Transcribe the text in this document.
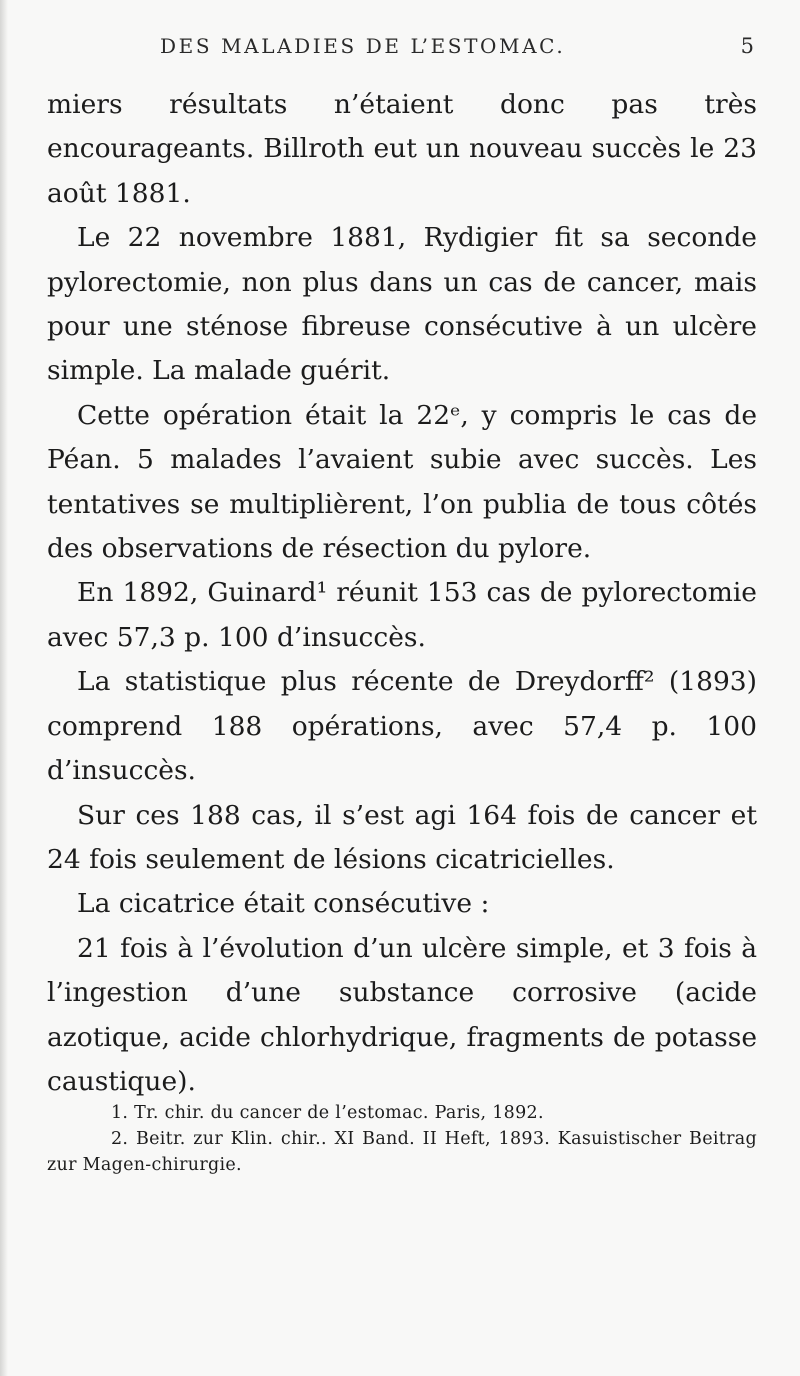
DES MALADIES DE L’ESTOMAC.	5

miers résultats n’étaient donc pas très encourageants. Billroth eut un nouveau succès le 23 août 1881.

Le 22 novembre 1881, Rydigier fit sa seconde pylorectomie, non plus dans un cas de cancer, mais pour une sténose fibreuse consécutive à un ulcère simple. La malade guérit.

Cette opération était la 22ᵉ, y compris le cas de Péan. 5 malades l’avaient subie avec succès. Les tentatives se multiplièrent, l’on publia de tous côtés des observations de résection du pylore.

En 1892, Guinard¹ réunit 153 cas de pylorectomie avec 57,3 p. 100 d’insuccès.

La statistique plus récente de Dreydorff² (1893) comprend 188 opérations, avec 57,4 p. 100 d’insuccès.

Sur ces 188 cas, il s’est agi 164 fois de cancer et 24 fois seulement de lésions cicatricielles.

La cicatrice était consécutive :

21 fois à l’évolution d’un ulcère simple, et 3 fois à l’ingestion d’une substance corrosive (acide azotique, acide chlorhydrique, fragments de potasse caustique).

1. Tr. chir. du cancer de l’estomac. Paris, 1892.

2. Beitr. zur Klin. chir.. XI Band. II Heft, 1893. Kasuistischer Beitrag zur Magen-chirurgie.
